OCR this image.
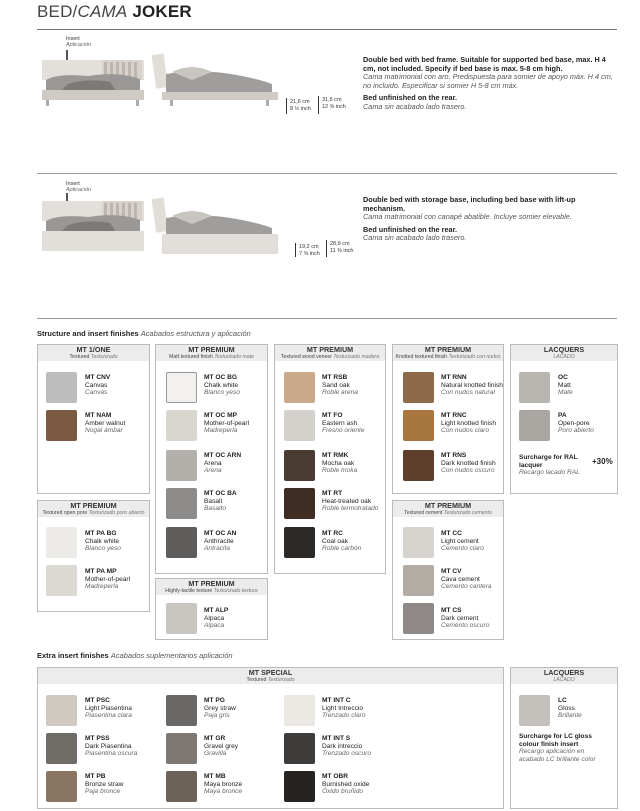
BED/CAMA JOKER
Insert
Aplicación
21,6 cm
8 ½ inch
31,5 cm
12 ⅜ inch

Double bed with bed frame. Suitable for supported bed base, max. H 4 cm, not included. Specify if bed base is max. 5-8 cm high.
Cama matrimonial con aro. Predispuesta para somier de apoyo máx. H 4 cm, no incluido. Especificar si somier H 5-8 cm máx.

Bed unfinished on the rear.
Cama sin acabado lado trasero.

Insert
Aplicación
19,2 cm
7 ⅝ inch
28,9 cm
11 ⅜ inch

Double bed with storage base, including bed base with lift-up mechanism.
Cama matrimonial con canapé abatible. Incluye somier elevable.

Bed unfinished on the rear.
Cama sin acabado lado trasero.

Structure and insert finishes Acabados estructura y aplicación
MT 1/ONE
Textured Texturizado
MT PREMIUM
Matt textured finish Texturizado mate
MT PREMIUM
Textured wood veneer Texturizado madera
MT PREMIUM
Knotted textured finish Texturizado con nudos
LACQUERS
LACADO
MT PREMIUM
Textured open pore Texturizado poro abierto
MT PREMIUM
Highly-tactile texture Texturizado textura
MT PREMIUM
Textured cement Texturizado cemento
Extra insert finishes Acabados suplementarios aplicación
MT SPECIAL
Textured Texturizado
LACQUERS
LACADO
MT CNV
Canvas
Canvas
MT NAM
Amber walnut
Nogal ámbar
MT PA BG
Chalk white
Blanco yeso
MT PA MP
Mother-of-pearl
Madreperla
MT OC BG
Chalk white
Blanco yeso
MT OC MP
Mother-of-pearl
Madreperla
MT OC ARN
Arena
Arena
MT OC BA
Basalt
Basalto
MT OC AN
Anthracite
Antracita
MT ALP
Alpaca
Alpaca
MT RSB
Sand oak
Roble arena
MT FO
Eastern ash
Fresno oriente
MT RMK
Mocha oak
Roble moka
MT RT
Heat-treated oak
Roble termotratado
MT RC
Coal oak
Roble carbón
MT RNN
Natural knotted finish
Con nudos natural
MT RNC
Light knotted finish
Con nudos claro
MT RNS
Dark knotted finish
Con nudos oscuro
MT CC
Light cement
Cemento claro
MT CV
Cava cement
Cemento cantera
MT CS
Dark cement
Cemento oscuro
OC
Matt
Mate
PA
Open-pore
Poro abierto
Surcharge for RAL lacquer
Recargo lacado RAL
+30%
MT PSC
Light Piasentina
Piasentina clara
MT PSS
Dark Piasentina
Piasentina oscura
MT PB
Bronze straw
Paja bronce
MT PG
Grey straw
Paja gris
MT GR
Gravel grey
Gravilla
MT MB
Maya bronze
Maya bronce
MT INT C
Light Intreccio
Trenzado claro
MT INT S
Dark intreccio
Trenzado oscuro
MT OBR
Burnished oxide
Óxido bruñido
LC
Gloss
Brillante
Surcharge for LC gloss colour finish insert
Recargo aplicación en acabado LC brillante color
